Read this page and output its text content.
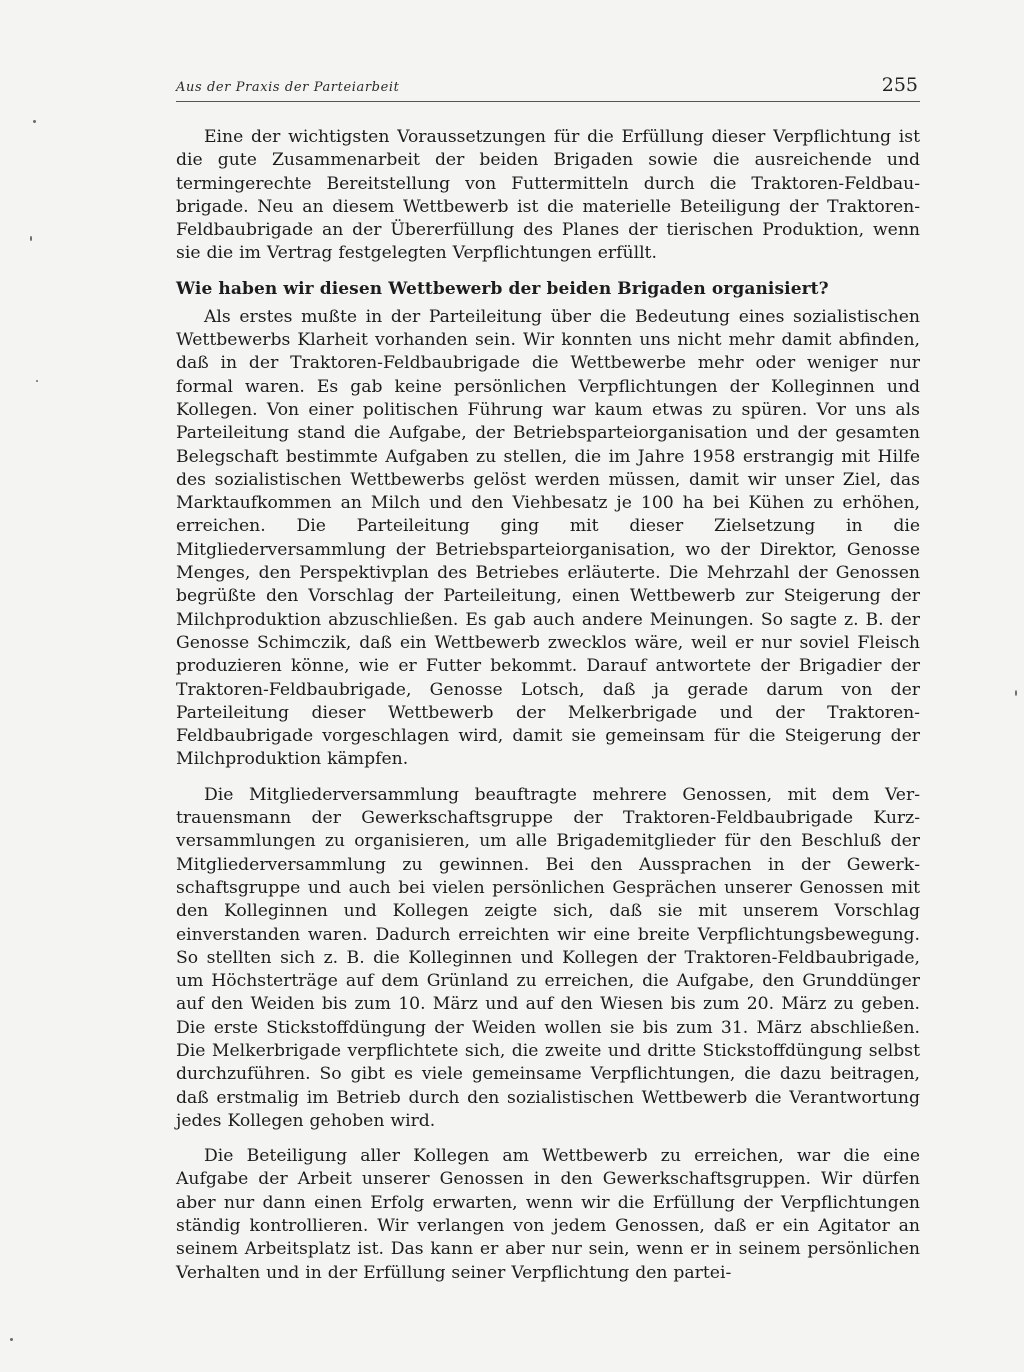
Aus der Praxis der Parteiarbeit	255

Eine der wichtigsten Voraussetzungen für die Erfüllung dieser Verpflichtung ist die gute Zusammenarbeit der beiden Brigaden sowie die ausreichende und termingerechte Bereitstellung von Futtermitteln durch die Traktoren-Feldbaubrigade. Neu an diesem Wettbewerb ist die materielle Beteiligung der Traktoren-Feldbaubrigade an der Übererfüllung des Planes der tierischen Produktion, wenn sie die im Vertrag festgelegten Verpflichtungen erfüllt.

Wie haben wir diesen Wettbewerb der beiden Brigaden organisiert?

Als erstes mußte in der Parteileitung über die Bedeutung eines sozialistischen Wettbewerbs Klarheit vorhanden sein. Wir konnten uns nicht mehr damit abfinden, daß in der Traktoren-Feldbaubrigade die Wettbewerbe mehr oder weniger nur formal waren. Es gab keine persönlichen Verpflichtungen der Kolleginnen und Kollegen. Von einer politischen Führung war kaum etwas zu spüren. Vor uns als Parteileitung stand die Aufgabe, der Betriebsparteiorganisation und der gesamten Belegschaft bestimmte Aufgaben zu stellen, die im Jahre 1958 erstrangig mit Hilfe des sozialistischen Wettbewerbs gelöst werden müssen, damit wir unser Ziel, das Marktaufkommen an Milch und den Viehbesatz je 100 ha bei Kühen zu erhöhen, erreichen. Die Parteileitung ging mit dieser Zielsetzung in die Mitgliederversammlung der Betriebsparteiorganisation, wo der Direktor, Genosse Menges, den Perspektivplan des Betriebes erläuterte. Die Mehrzahl der Genossen begrüßte den Vorschlag der Parteileitung, einen Wettbewerb zur Steigerung der Milchproduktion abzuschließen. Es gab auch andere Meinungen. So sagte z. B. der Genosse Schimczik, daß ein Wettbewerb zwecklos wäre, weil er nur soviel Fleisch produzieren könne, wie er Futter bekommt. Darauf antwortete der Brigadier der Traktoren-Feldbaubrigade, Genosse Lotsch, daß ja gerade darum von der Parteileitung dieser Wettbewerb der Melkerbrigade und der Traktoren-Feldbaubrigade vorgeschlagen wird, damit sie gemeinsam für die Steigerung der Milchproduktion kämpfen.

Die Mitgliederversammlung beauftragte mehrere Genossen, mit dem Vertrauensmann der Gewerkschaftsgruppe der Traktoren-Feldbaubrigade Kurzversammlungen zu organisieren, um alle Brigademitglieder für den Beschluß der Mitgliederversammlung zu gewinnen. Bei den Aussprachen in der Gewerkschaftsgruppe und auch bei vielen persönlichen Gesprächen unserer Genossen mit den Kolleginnen und Kollegen zeigte sich, daß sie mit unserem Vorschlag einverstanden waren. Dadurch erreichten wir eine breite Verpflichtungsbewegung. So stellten sich z. B. die Kolleginnen und Kollegen der Traktoren-Feldbaubrigade, um Höchsterträge auf dem Grünland zu erreichen, die Aufgabe, den Grunddünger auf den Weiden bis zum 10. März und auf den Wiesen bis zum 20. März zu geben. Die erste Stickstoffdüngung der Weiden wollen sie bis zum 31. März abschließen. Die Melkerbrigade verpflichtete sich, die zweite und dritte Stickstoffdüngung selbst durchzuführen. So gibt es viele gemeinsame Verpflichtungen, die dazu beitragen, daß erstmalig im Betrieb durch den sozialistischen Wettbewerb die Verantwortung jedes Kollegen gehoben wird.

Die Beteiligung aller Kollegen am Wettbewerb zu erreichen, war die eine Aufgabe der Arbeit unserer Genossen in den Gewerkschaftsgruppen. Wir dürfen aber nur dann einen Erfolg erwarten, wenn wir die Erfüllung der Verpflichtungen ständig kontrollieren. Wir verlangen von jedem Genossen, daß er ein Agitator an seinem Arbeitsplatz ist. Das kann er aber nur sein, wenn er in seinem persönlichen Verhalten und in der Erfüllung seiner Verpflichtung den partei-
